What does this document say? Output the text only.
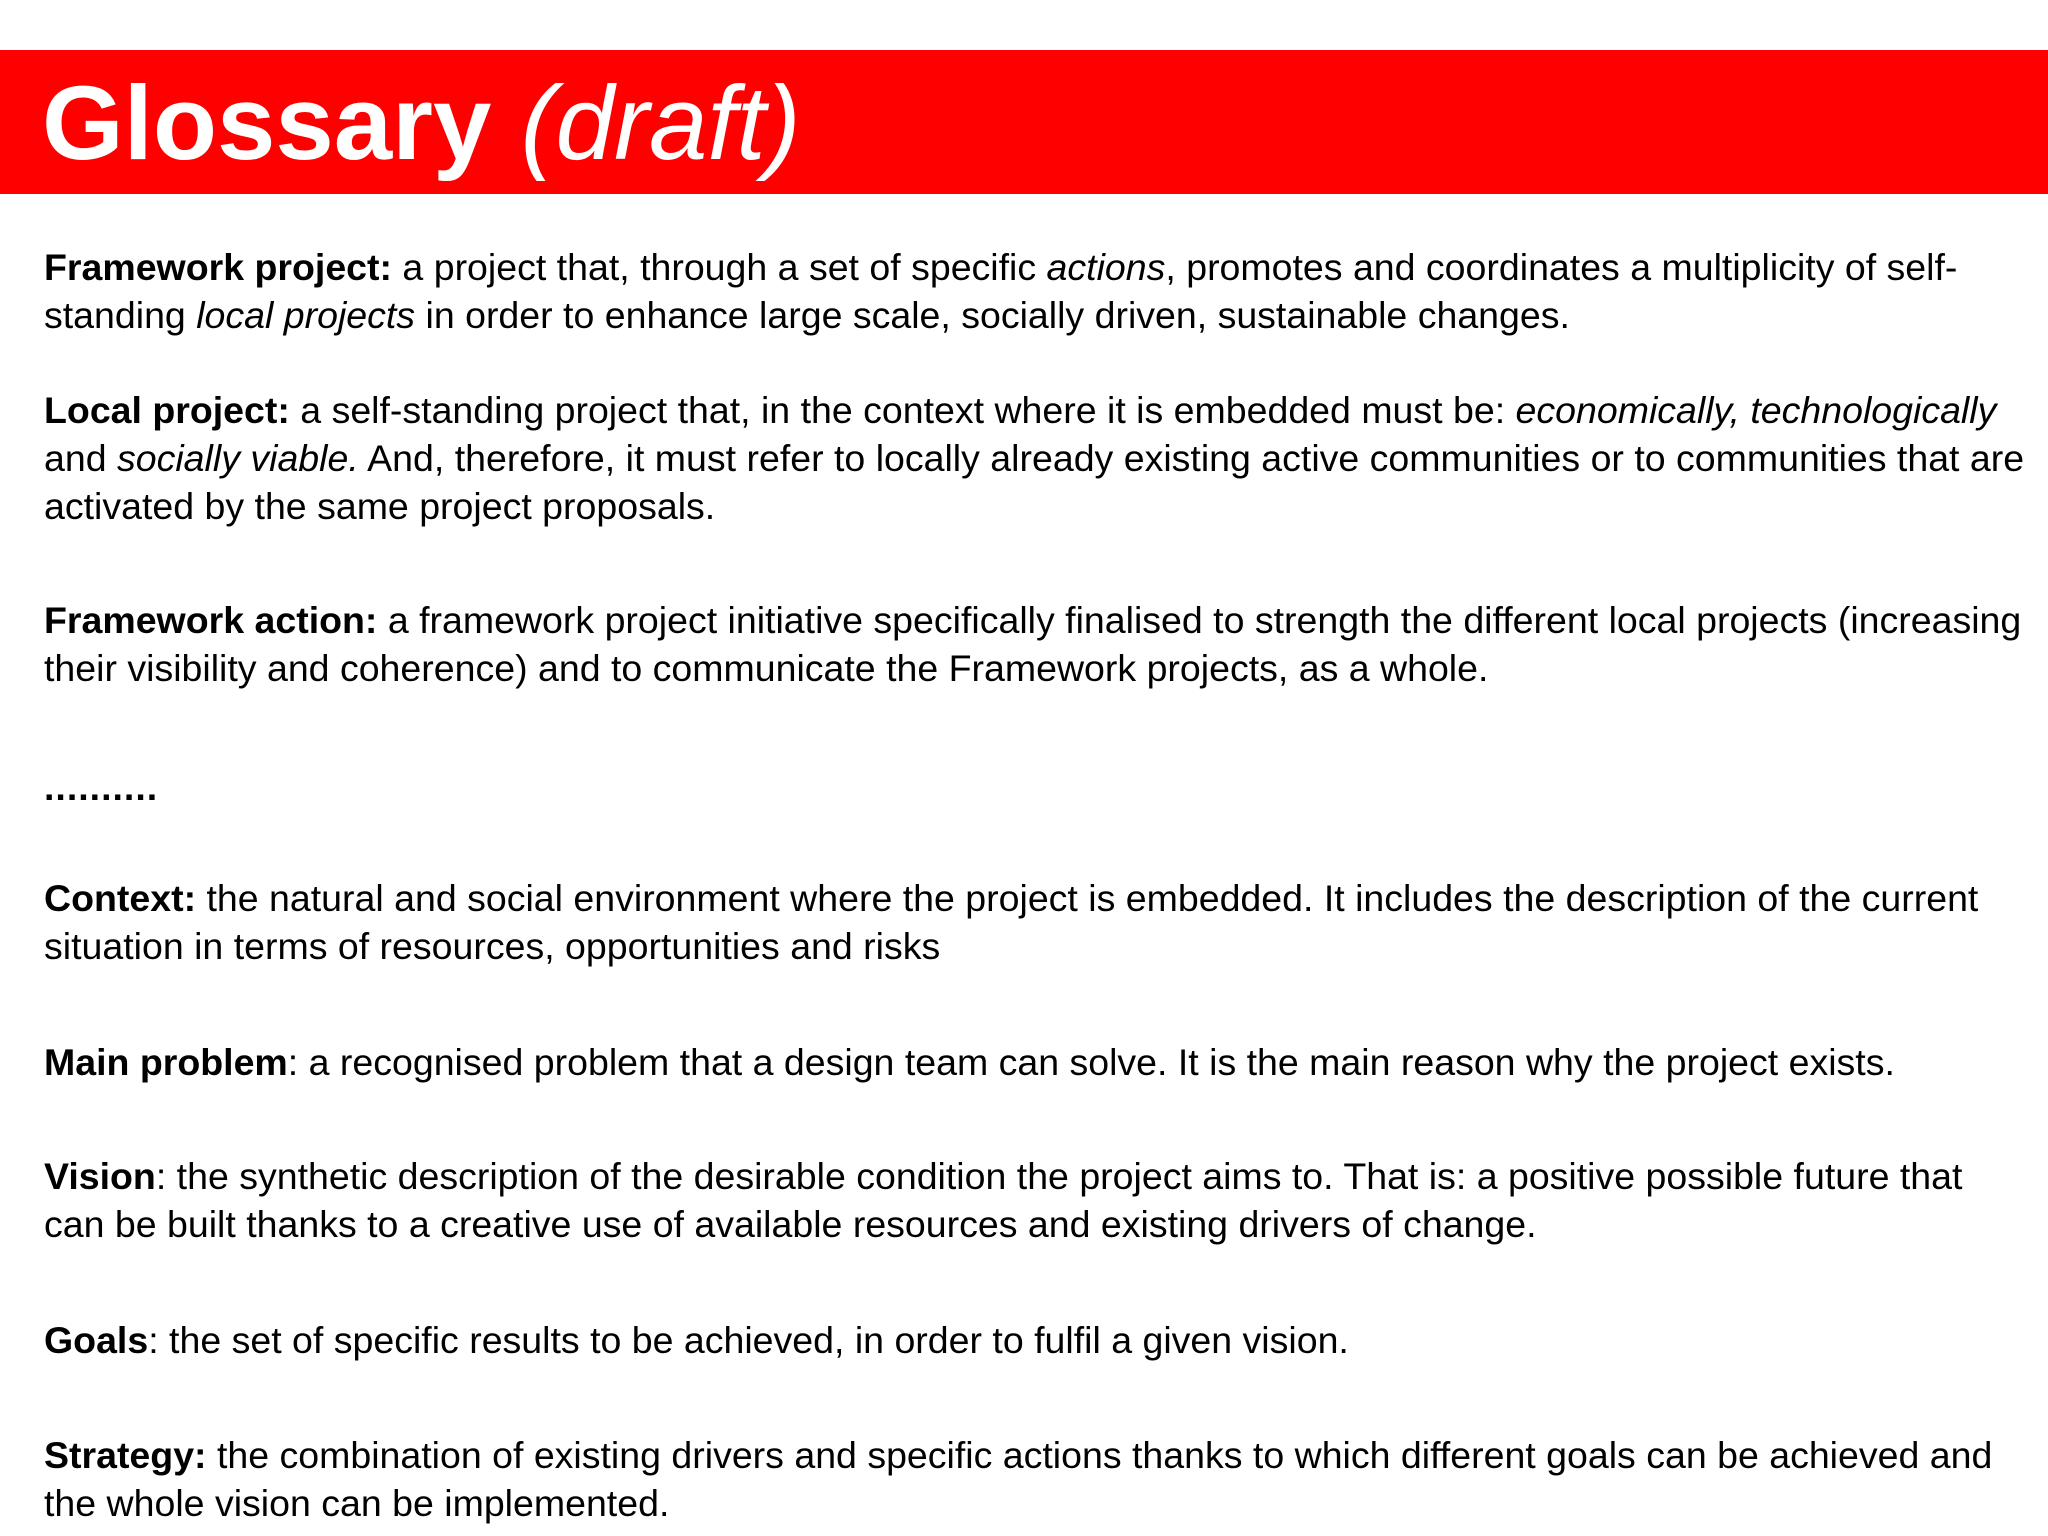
Glossary (draft)

Framework project: a project that, through a set of specific actions, promotes and coordinates a multiplicity of self-standing local projects in order to enhance large scale, socially driven, sustainable changes.

Local project: a self-standing project that, in the context where it is embedded must be: economically, technologically and socially viable. And, therefore, it must refer to locally already existing active communities or to communities that are activated by the same project proposals.

Framework action: a framework project initiative specifically finalised to strength the different local projects (increasing their visibility and coherence) and to communicate the Framework projects, as a whole.

..........

Context: the natural and social environment where the project is embedded. It includes the description of the current situation in terms of resources, opportunities and risks

Main problem: a recognised problem that a design team can solve. It is the main reason why the project exists.

Vision: the synthetic description of the desirable condition the project aims to. That is: a positive possible future that can be built thanks to a creative use of available resources and existing drivers of change.

Goals: the set of specific results to be achieved, in order to fulfil a given vision.

Strategy: the combination of existing drivers and specific actions thanks to which different goals can be achieved and the whole vision can be implemented.
